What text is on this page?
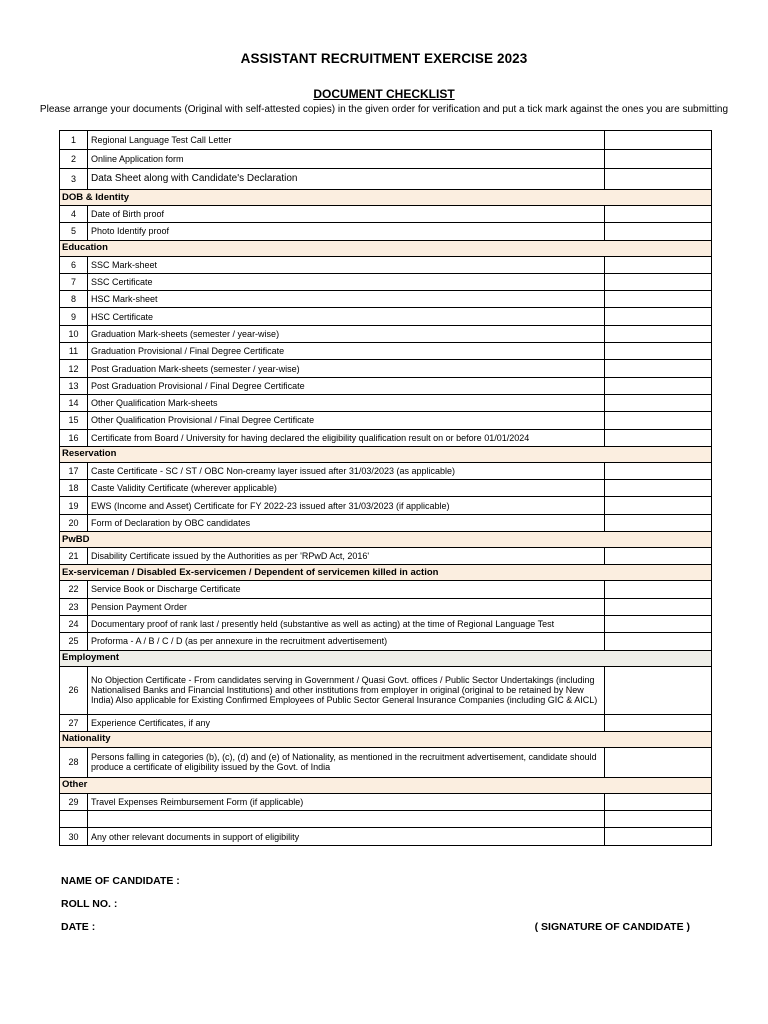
ASSISTANT RECRUITMENT EXERCISE 2023
DOCUMENT CHECKLIST
Please arrange your documents (Original with self-attested copies) in the given order for verification and put a tick mark against the ones you are submitting
1	Regional Language Test Call Letter	
2	Online Application form	
3	Data Sheet along with Candidate's Declaration	
DOB & Identity		
4	Date of Birth proof	
5	Photo Identify proof	
Education		
6	SSC Mark-sheet	
7	SSC Certificate	
8	HSC Mark-sheet	
9	HSC Certificate	
10	Graduation Mark-sheets (semester / year-wise)	
11	Graduation Provisional / Final Degree Certificate	
12	Post Graduation Mark-sheets (semester / year-wise)	
13	Post Graduation Provisional / Final Degree Certificate	
14	Other Qualification Mark-sheets	
15	Other Qualification Provisional / Final Degree Certificate	
16	Certificate from Board / University for having declared the eligibility qualification result on or before 01/01/2024	
Reservation		
17	Caste Certificate - SC / ST / OBC Non-creamy layer issued after 31/03/2023 (as applicable)	
18	Caste Validity Certificate (wherever applicable)	
19	EWS (Income and Asset) Certificate for FY 2022-23 issued after 31/03/2023 (if applicable)	
20	Form of Declaration by OBC candidates	
PwBD		
21	Disability Certificate issued by the Authorities as per 'RPwD Act, 2016'	
Ex-serviceman / Disabled Ex-servicemen / Dependent of servicemen killed in action		
22	Service Book or Discharge Certificate	
23	Pension Payment Order	
24	Documentary proof of rank last / presently held (substantive as well as acting) at the time of Regional Language Test	
25	Proforma - A / B / C / D (as per annexure in the recruitment advertisement)	
Employment		
26	No Objection Certificate - From candidates serving in Government / Quasi Govt. offices / Public Sector Undertakings (including Nationalised Banks and Financial Institutions) and other institutions from employer in original (original to be retained by New India) Also applicable for Existing Confirmed Employees of Public Sector General Insurance Companies (including GIC & AICL)	
27	Experience Certificates, if any	
Nationality		
28	Persons falling in categories (b), (c), (d) and (e) of Nationality, as mentioned in the recruitment advertisement, candidate should produce a certificate of eligibility issued by the Govt. of India	
Other		
29	Travel Expenses Reimbursement Form (if applicable)	

30	Any other relevant documents in support of eligibility	
NAME OF CANDIDATE :
ROLL NO. :
DATE :	( SIGNATURE OF CANDIDATE )
